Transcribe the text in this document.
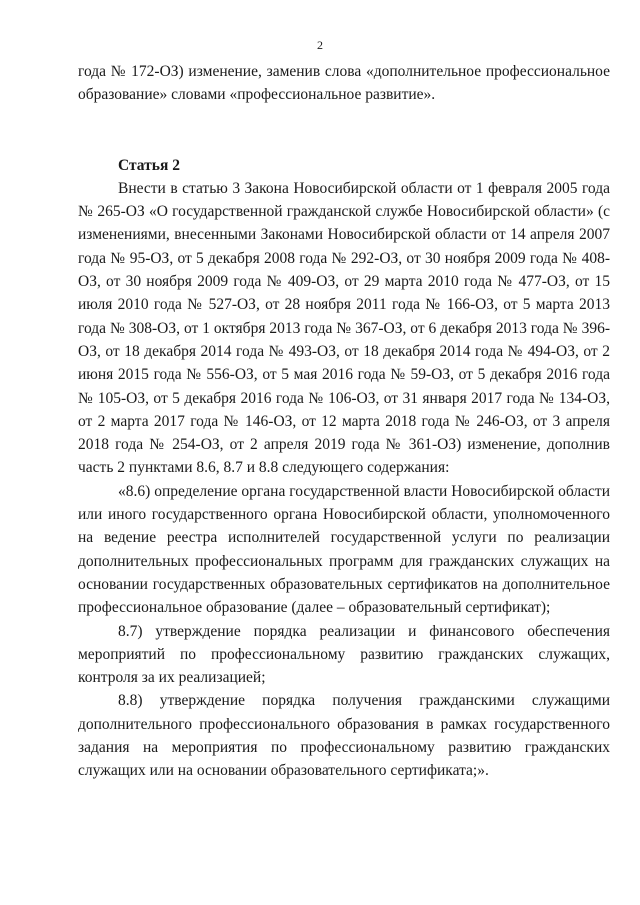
2

года № 172-ОЗ) изменение, заменив слова «дополнительное профессиональное образование» словами «профессиональное развитие».

Статья 2

Внести в статью 3 Закона Новосибирской области от 1 февраля 2005 года № 265-ОЗ «О государственной гражданской службе Новосибирской области» (с изменениями, внесенными Законами Новосибирской области от 14 апреля 2007 года № 95-ОЗ, от 5 декабря 2008 года № 292-ОЗ, от 30 ноября 2009 года № 408-ОЗ, от 30 ноября 2009 года № 409-ОЗ, от 29 марта 2010 года № 477-ОЗ, от 15 июля 2010 года № 527-ОЗ, от 28 ноября 2011 года № 166-ОЗ, от 5 марта 2013 года № 308-ОЗ, от 1 октября 2013 года № 367-ОЗ, от 6 декабря 2013 года № 396-ОЗ, от 18 декабря 2014 года № 493-ОЗ, от 18 декабря 2014 года № 494-ОЗ, от 2 июня 2015 года № 556-ОЗ, от 5 мая 2016 года № 59-ОЗ, от 5 декабря 2016 года № 105-ОЗ, от 5 декабря 2016 года № 106-ОЗ, от 31 января 2017 года № 134-ОЗ, от 2 марта 2017 года № 146-ОЗ, от 12 марта 2018 года № 246-ОЗ, от 3 апреля 2018 года № 254-ОЗ, от 2 апреля 2019 года № 361-ОЗ) изменение, дополнив часть 2 пунктами 8.6, 8.7 и 8.8 следующего содержания:

«8.6) определение органа государственной власти Новосибирской области или иного государственного органа Новосибирской области, уполномоченного на ведение реестра исполнителей государственной услуги по реализации дополнительных профессиональных программ для гражданских служащих на основании государственных образовательных сертификатов на дополнительное профессиональное образование (далее – образовательный сертификат);

8.7) утверждение порядка реализации и финансового обеспечения мероприятий по профессиональному развитию гражданских служащих, контроля за их реализацией;

8.8) утверждение порядка получения гражданскими служащими дополнительного профессионального образования в рамках государственного задания на мероприятия по профессиональному развитию гражданских служащих или на основании образовательного сертификата;».
